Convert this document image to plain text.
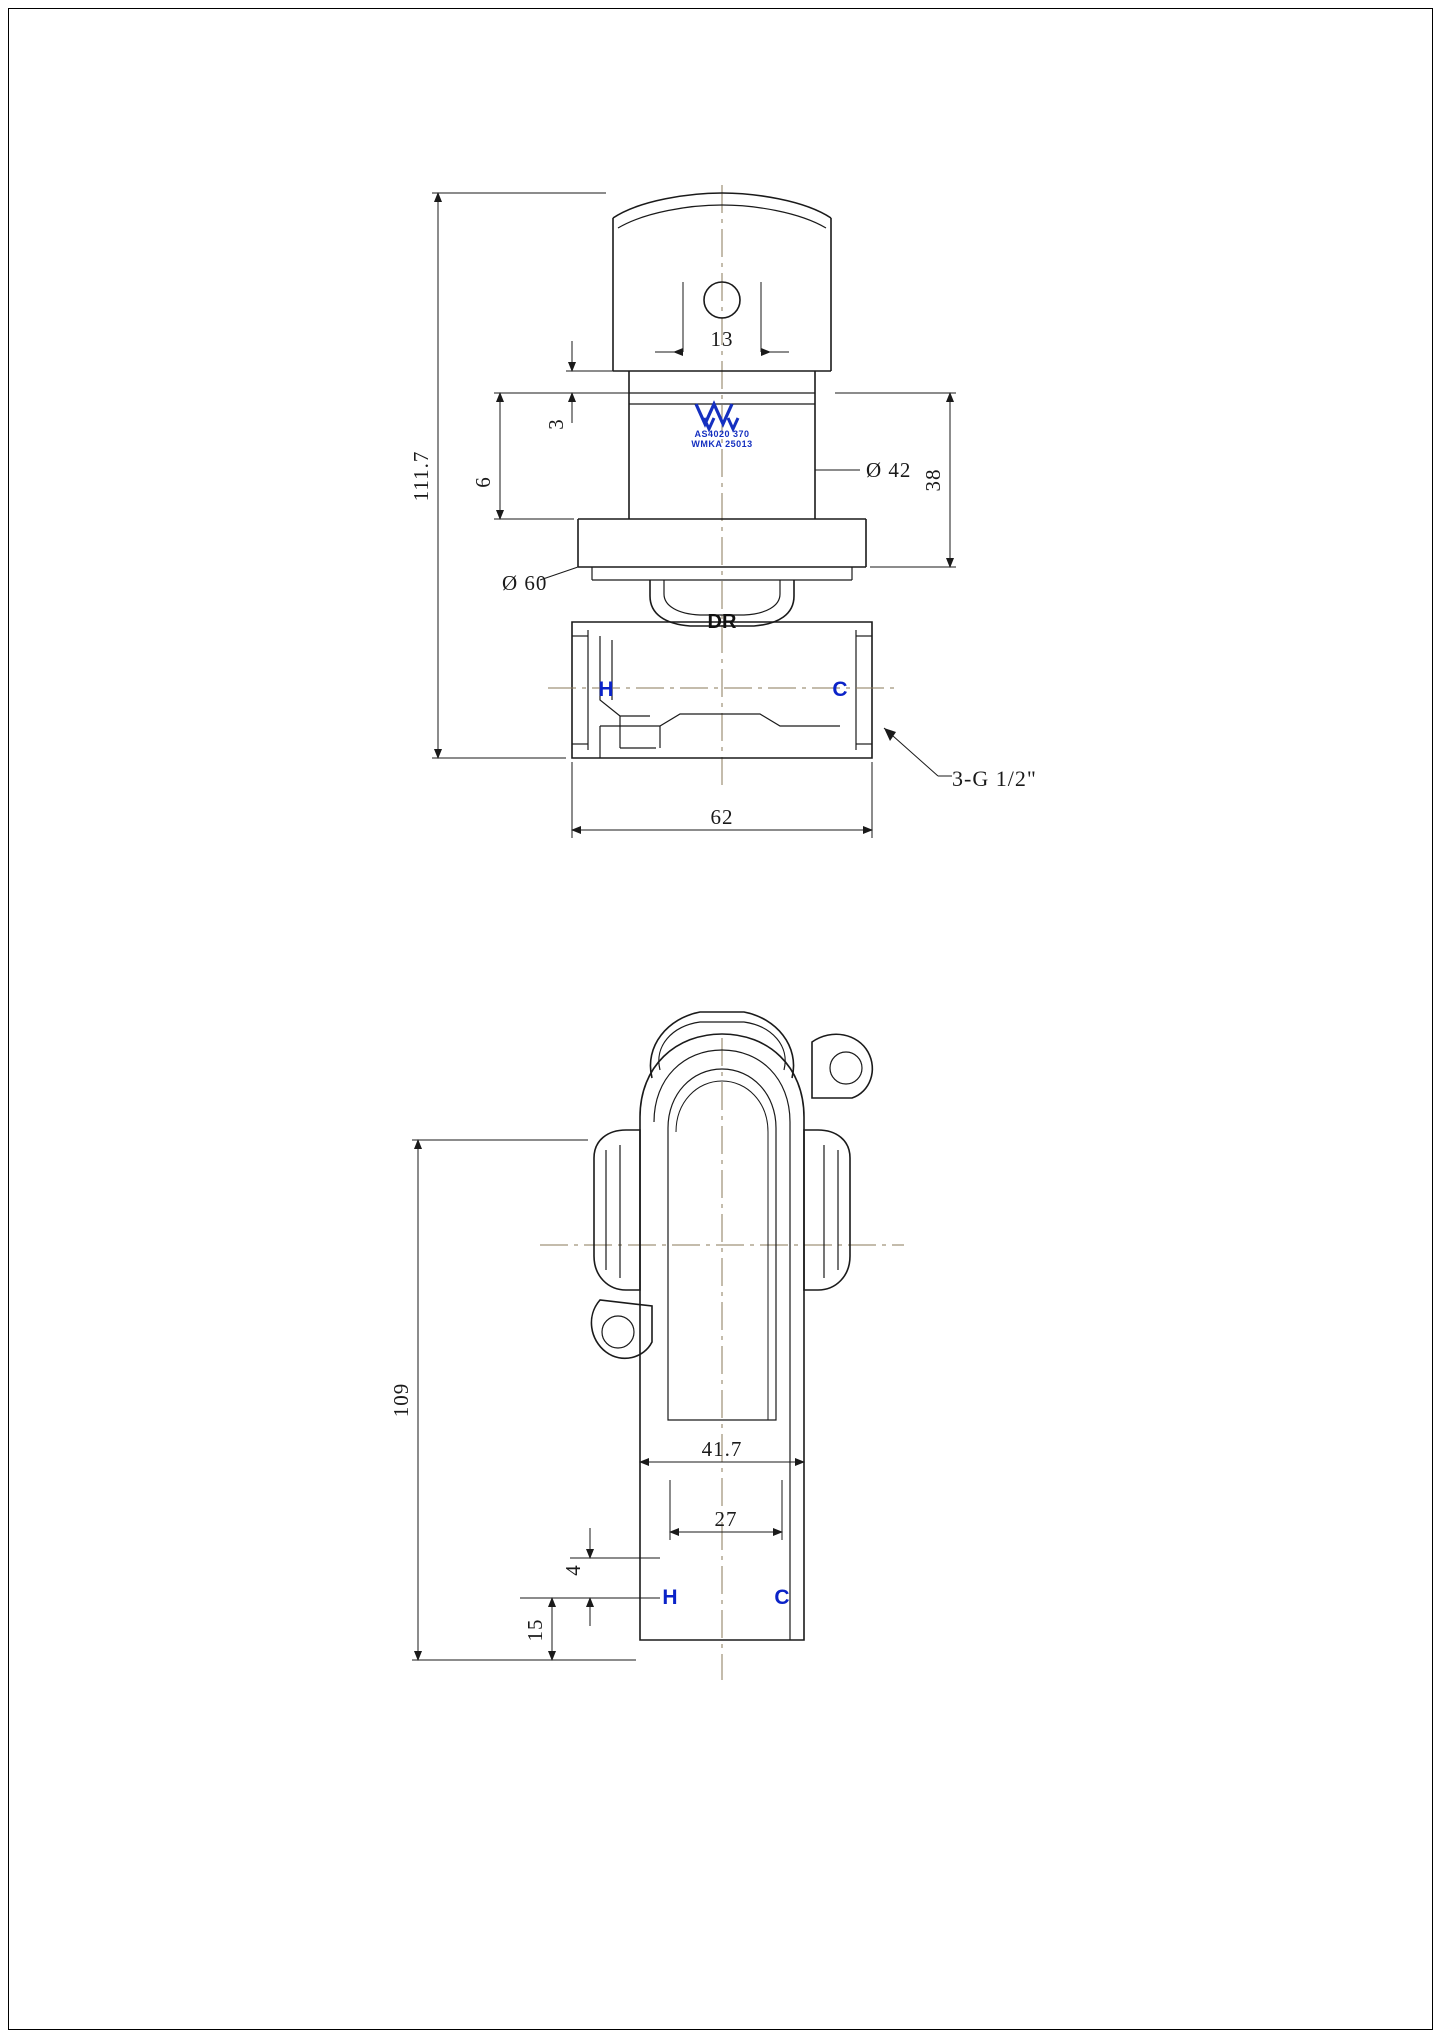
H	C
DR
AS4020 370
WMKA 25013
111.7
13
3
6	Ø 42
Ø 60
38
62
3-G 1/2"
H	C
109
41.7
27
4
15
